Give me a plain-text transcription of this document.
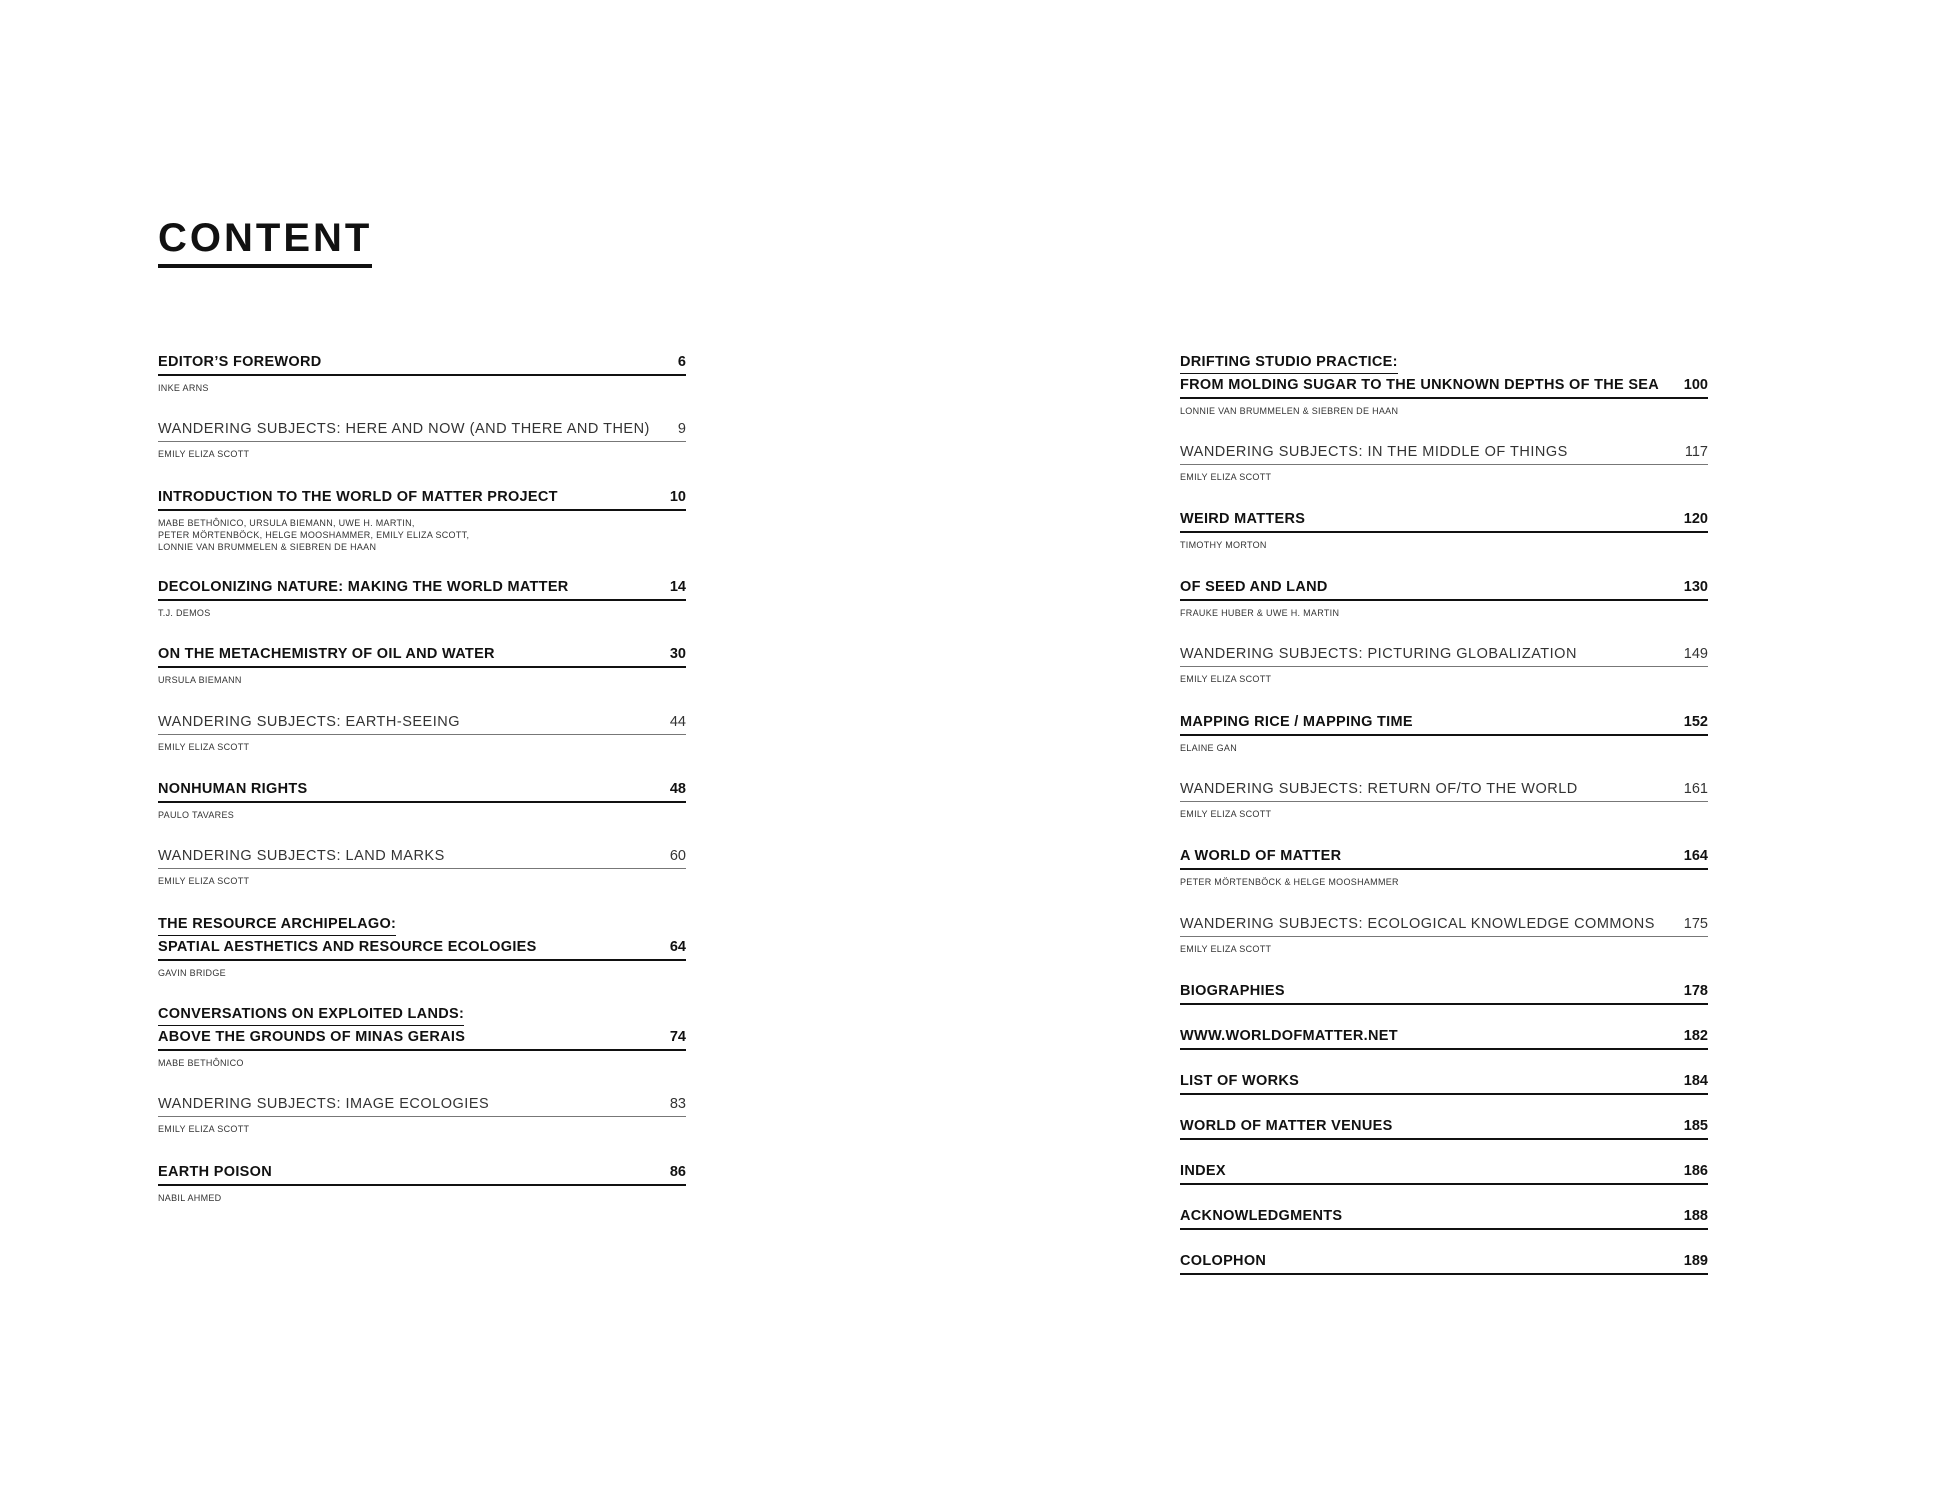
CONTENT
EDITOR’S FOREWORD	6
INKE ARNS
WANDERING SUBJECTS: HERE AND NOW (AND THERE AND THEN) 9
EMILY ELIZA SCOTT
INTRODUCTION TO THE WORLD OF MATTER PROJECT	10
MABE BETHÔNICO, URSULA BIEMANN, UWE H. MARTIN,
PETER MÖRTENBÖCK, HELGE MOOSHAMMER, EMILY ELIZA SCOTT,
LONNIE VAN BRUMMELEN & SIEBREN DE HAAN
DECOLONIZING NATURE: MAKING THE WORLD MATTER	14
T.J. DEMOS
ON THE METACHEMISTRY OF OIL AND WATER	30
URSULA BIEMANN
WANDERING SUBJECTS: EARTH-SEEING	44
EMILY ELIZA SCOTT
NONHUMAN RIGHTS	48
PAULO TAVARES
WANDERING SUBJECTS: LAND MARKS	60
EMILY ELIZA SCOTT
THE RESOURCE ARCHIPELAGO:
SPATIAL AESTHETICS AND RESOURCE ECOLOGIES	64
GAVIN BRIDGE
CONVERSATIONS ON EXPLOITED LANDS:
ABOVE THE GROUNDS OF MINAS GERAIS	74
MABE BETHÔNICO
WANDERING SUBJECTS: IMAGE ECOLOGIES	83
EMILY ELIZA SCOTT
EARTH POISON	86
NABIL AHMED
DRIFTING STUDIO PRACTICE:
FROM MOLDING SUGAR TO THE UNKNOWN DEPTHS OF THE SEA 100
LONNIE VAN BRUMMELEN & SIEBREN DE HAAN
WANDERING SUBJECTS: IN THE MIDDLE OF THINGS	117
EMILY ELIZA SCOTT
WEIRD MATTERS	120
TIMOTHY MORTON
OF SEED AND LAND	130
FRAUKE HUBER & UWE H. MARTIN
WANDERING SUBJECTS: PICTURING GLOBALIZATION	149
EMILY ELIZA SCOTT
MAPPING RICE / MAPPING TIME	152
ELAINE GAN
WANDERING SUBJECTS: RETURN OF/TO THE WORLD	161
EMILY ELIZA SCOTT
A WORLD OF MATTER	164
PETER MÖRTENBÖCK & HELGE MOOSHAMMER
WANDERING SUBJECTS: ECOLOGICAL KNOWLEDGE COMMONS 175
EMILY ELIZA SCOTT
BIOGRAPHIES	178
WWW.WORLDOFMATTER.NET	182
LIST OF WORKS	184
WORLD OF MATTER VENUES	185
INDEX	186
ACKNOWLEDGMENTS	188
COLOPHON	189
